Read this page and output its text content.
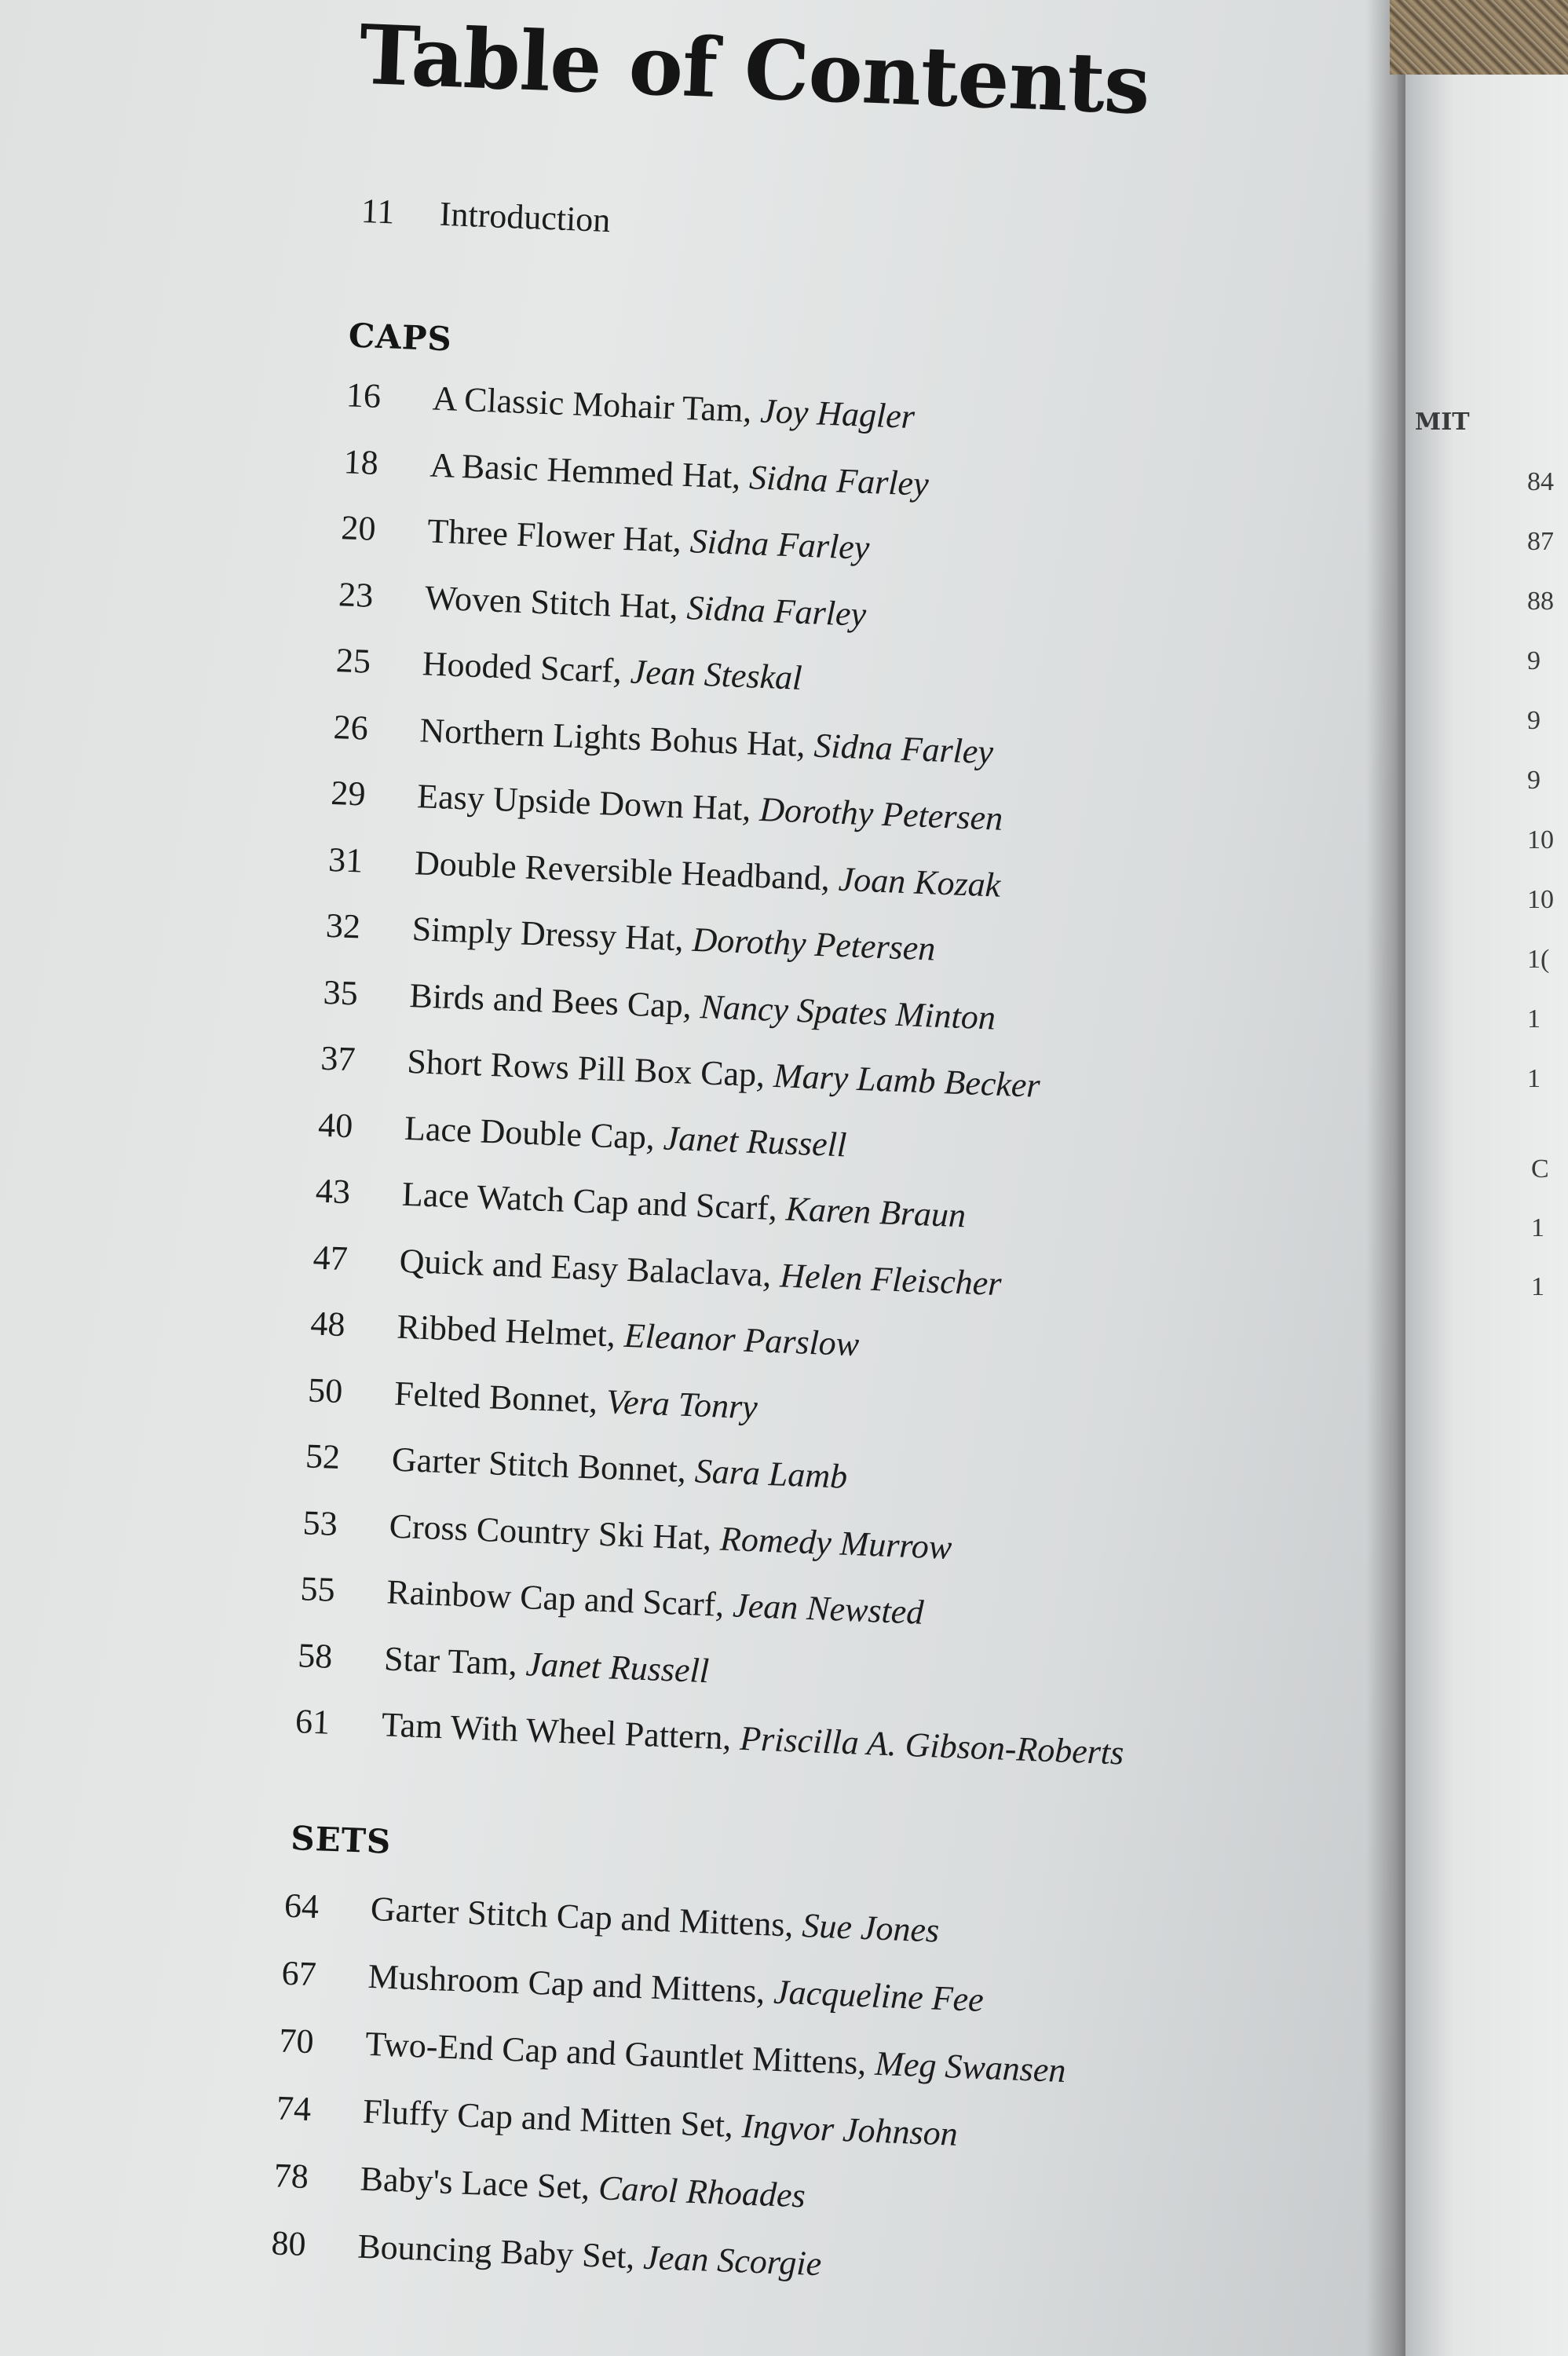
Table of Contents
11 Introduction
CAPS
16 A Classic Mohair Tam, Joy Hagler
18 A Basic Hemmed Hat, Sidna Farley
20 Three Flower Hat, Sidna Farley
23 Woven Stitch Hat, Sidna Farley
25 Hooded Scarf, Jean Steskal
26 Northern Lights Bohus Hat, Sidna Farley
29 Easy Upside Down Hat, Dorothy Petersen
31 Double Reversible Headband, Joan Kozak
32 Simply Dressy Hat, Dorothy Petersen
35 Birds and Bees Cap, Nancy Spates Minton
37 Short Rows Pill Box Cap, Mary Lamb Becker
40 Lace Double Cap, Janet Russell
43 Lace Watch Cap and Scarf, Karen Braun
47 Quick and Easy Balaclava, Helen Fleischer
48 Ribbed Helmet, Eleanor Parslow
50 Felted Bonnet, Vera Tonry
52 Garter Stitch Bonnet, Sara Lamb
53 Cross Country Ski Hat, Romedy Murrow
55 Rainbow Cap and Scarf, Jean Newsted
58 Star Tam, Janet Russell
61 Tam With Wheel Pattern, Priscilla A. Gibson-Roberts
SETS
64 Garter Stitch Cap and Mittens, Sue Jones
67 Mushroom Cap and Mittens, Jacqueline Fee
70 Two-End Cap and Gauntlet Mittens, Meg Swansen
74 Fluffy Cap and Mitten Set, Ingvor Johnson
78 Baby's Lace Set, Carol Rhoades
80 Bouncing Baby Set, Jean Scorgie
MIT
84
87
88
9
9
9
10
10
1(
1
1
C
1
1
